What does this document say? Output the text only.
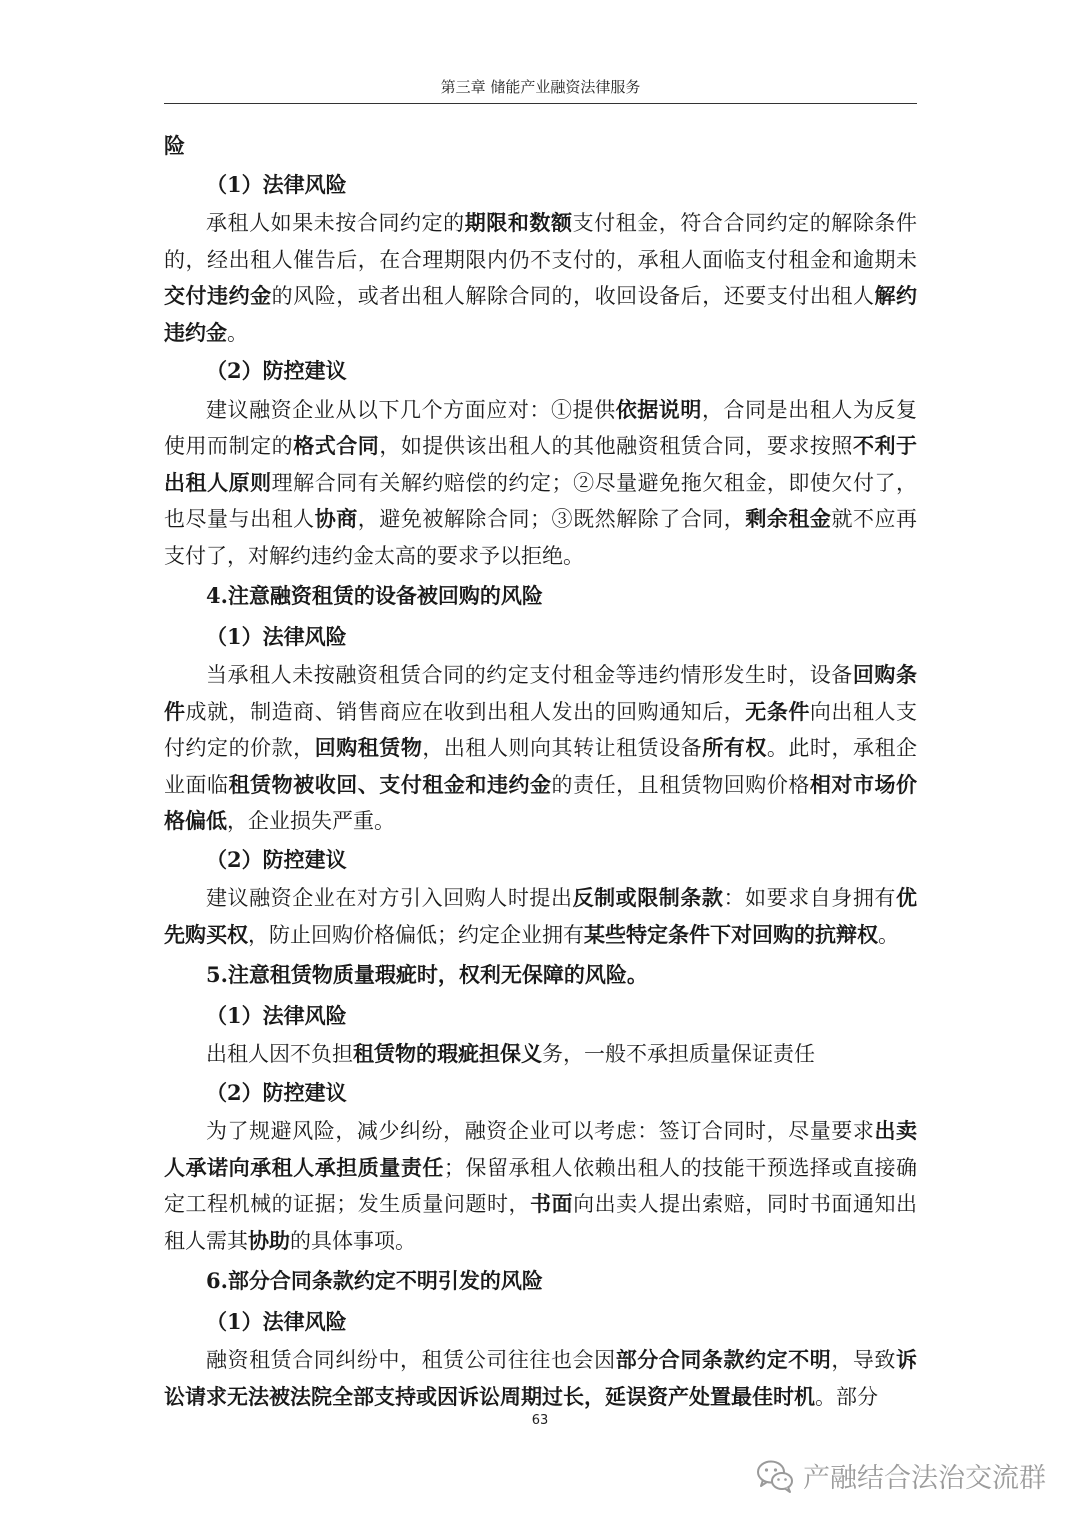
第三章 储能产业融资法律服务

险

（1）法律风险

承租人如果未按合同约定的期限和数额支付租金，符合合同约定的解除条件的，经出租人催告后，在合理期限内仍不支付的，承租人面临支付租金和逾期未交付违约金的风险，或者出租人解除合同的，收回设备后，还要支付出租人解约违约金。

（2）防控建议

建议融资企业从以下几个方面应对：①提供依据说明，合同是出租人为反复使用而制定的格式合同，如提供该出租人的其他融资租赁合同，要求按照不利于出租人原则理解合同有关解约赔偿的约定；②尽量避免拖欠租金，即使欠付了，也尽量与出租人协商，避免被解除合同；③既然解除了合同，剩余租金就不应再支付了，对解约违约金太高的要求予以拒绝。

4.注意融资租赁的设备被回购的风险

（1）法律风险

当承租人未按融资租赁合同的约定支付租金等违约情形发生时，设备回购条件成就，制造商、销售商应在收到出租人发出的回购通知后，无条件向出租人支付约定的价款，回购租赁物，出租人则向其转让租赁设备所有权。此时，承租企业面临租赁物被收回、支付租金和违约金的责任，且租赁物回购价格相对市场价格偏低，企业损失严重。

（2）防控建议

建议融资企业在对方引入回购人时提出反制或限制条款：如要求自身拥有优先购买权，防止回购价格偏低；约定企业拥有某些特定条件下对回购的抗辩权。

5.注意租赁物质量瑕疵时，权利无保障的风险。

（1）法律风险

出租人因不负担租赁物的瑕疵担保义务，一般不承担质量保证责任

（2）防控建议

为了规避风险，减少纠纷，融资企业可以考虑：签订合同时，尽量要求出卖人承诺向承租人承担质量责任；保留承租人依赖出租人的技能干预选择或直接确定工程机械的证据；发生质量问题时，书面向出卖人提出索赔，同时书面通知出租人需其协助的具体事项。

6.部分合同条款约定不明引发的风险

（1）法律风险

融资租赁合同纠纷中，租赁公司往往也会因部分合同条款约定不明，导致诉讼请求无法被法院全部支持或因诉讼周期过长，延误资产处置最佳时机。部分

63
产融结合法治交流群
